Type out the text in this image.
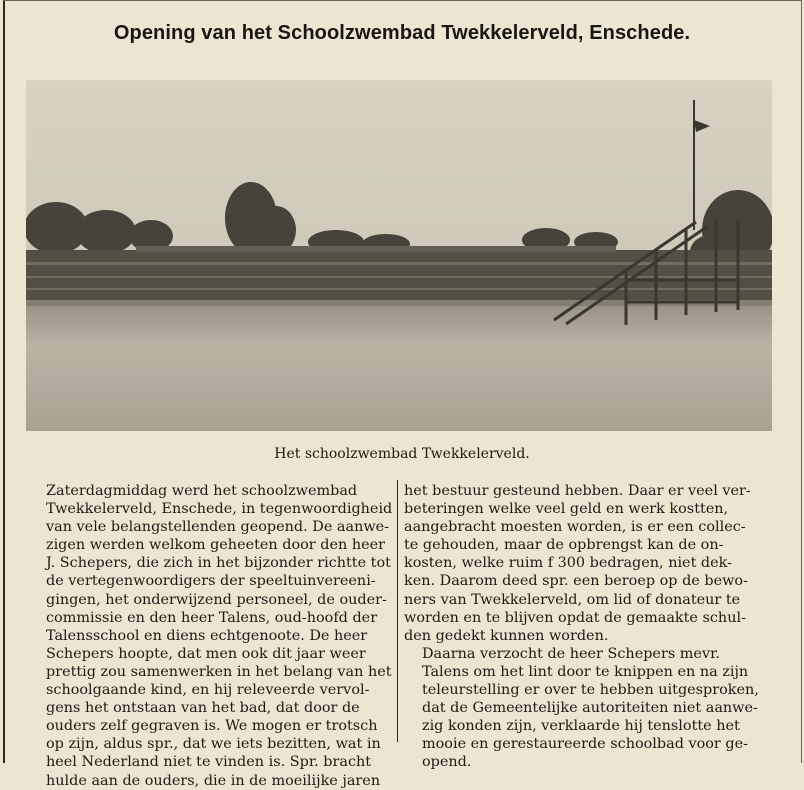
Opening van het Schoolzwembad Twekkelerveld, Enschede.
Het schoolzwembad Twekkelerveld.

Zaterdagmiddag werd het schoolzwembad
Twekkelerveld, Enschede, in tegenwoordigheid
van vele belangstellenden geopend. De aanwe-
zigen werden welkom geheeten door den heer
J. Schepers, die zich in het bijzonder richtte tot
de vertegenwoordigers der speeltuinvereeni-
gingen, het onderwijzend personeel, de ouder-
commissie en den heer Talens, oud-hoofd der
Talensschool en diens echtgenoote. De heer
Schepers hoopte, dat men ook dit jaar weer
prettig zou samenwerken in het belang van het
schoolgaande kind, en hij releveerde vervol-
gens het ontstaan van het bad, dat door de
ouders zelf gegraven is. We mogen er trotsch
op zijn, aldus spr., dat we iets bezitten, wat in
heel Nederland niet te vinden is. Spr. bracht
hulde aan de ouders, die in de moeilijke jaren

het bestuur gesteund hebben. Daar er veel ver-
beteringen welke veel geld en werk kostten,
aangebracht moesten worden, is er een collec-
te gehouden, maar de opbrengst kan de on-
kosten, welke ruim f 300 bedragen, niet dek-
ken. Daarom deed spr. een beroep op de bewo-
ners van Twekkelerveld, om lid of donateur te
worden en te blijven opdat de gemaakte schul-
den gedekt kunnen worden.

Daarna verzocht de heer Schepers mevr.
Talens om het lint door te knippen en na zijn
teleurstelling er over te hebben uitgesproken,
dat de Gemeentelijke autoriteiten niet aanwe-
zig konden zijn, verklaarde hij tenslotte het
mooie en gerestaureerde schoolbad voor ge-
opend.
